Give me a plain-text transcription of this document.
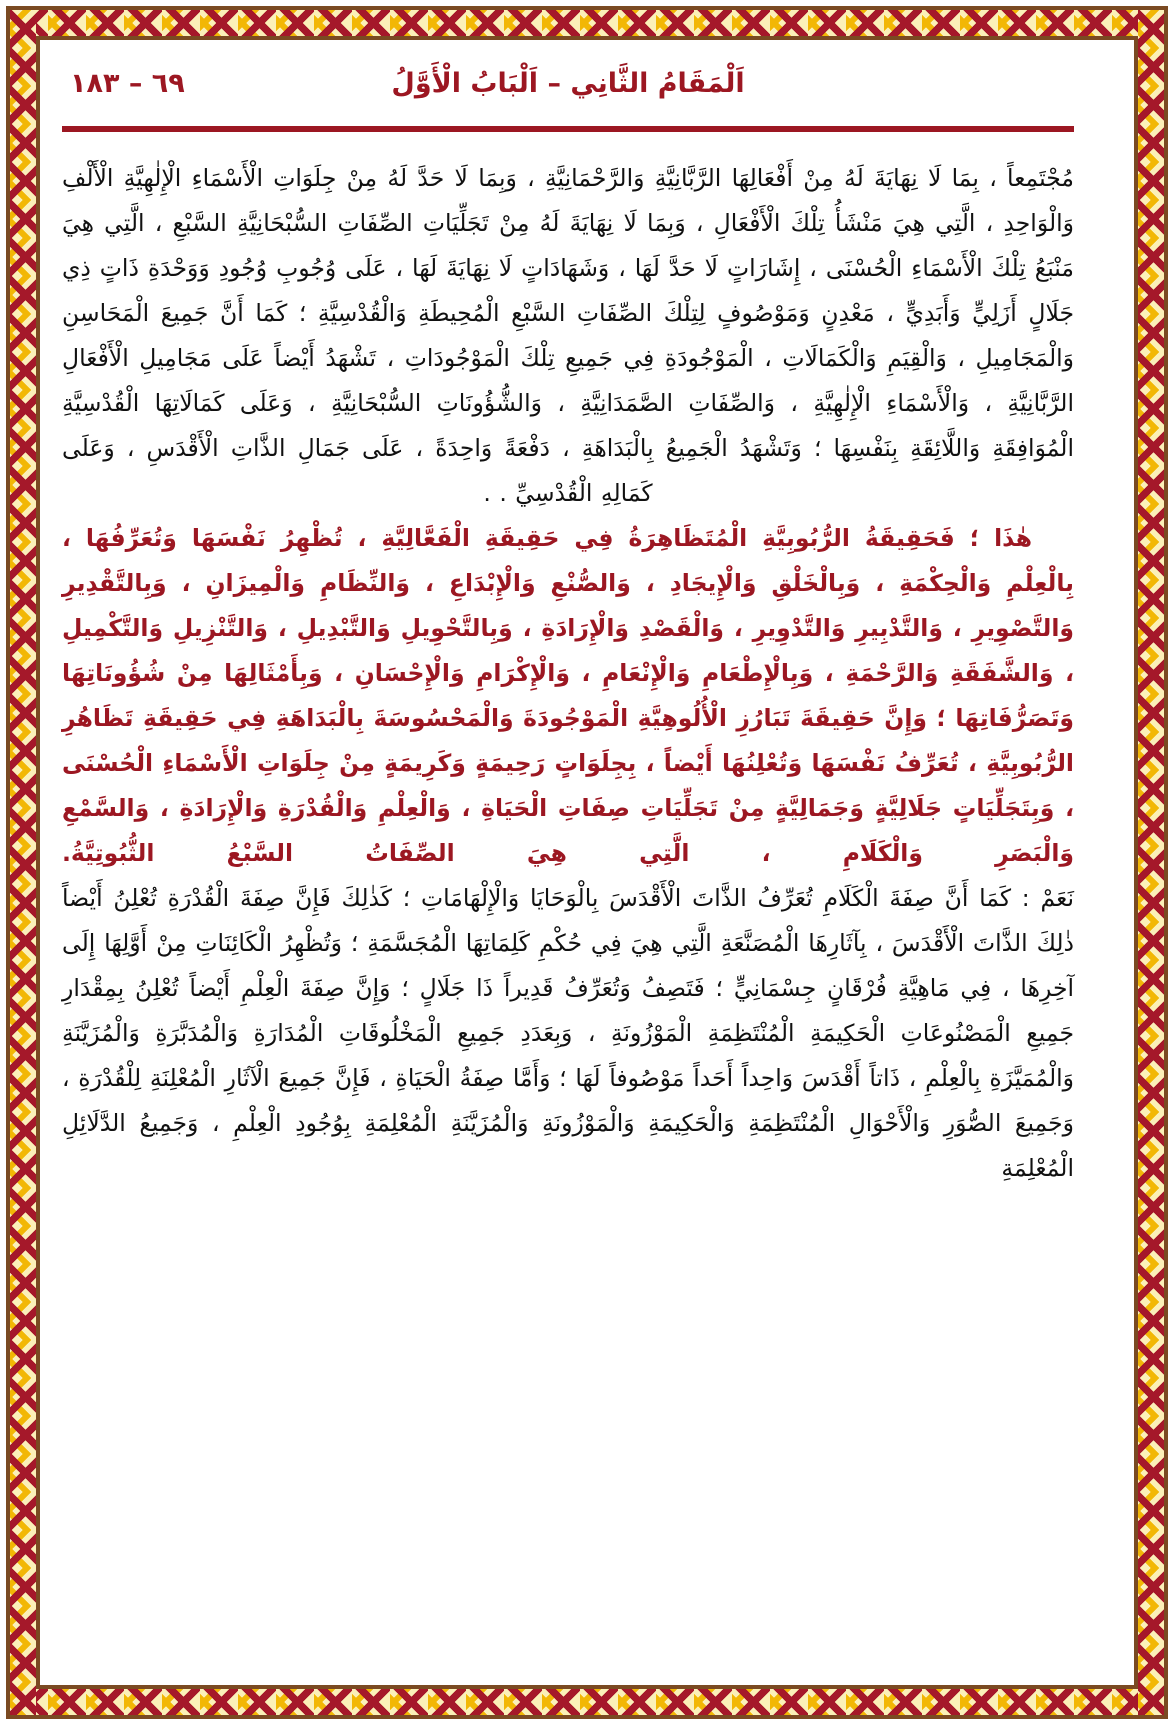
٦٩ – ١٨٣	اَلْمَقَامُ الثَّانِي – اَلْبَابُ الْأَوَّلُ

مُجْتَمِعاً ، بِمَا لَا نِهَايَةَ لَهُ مِنْ أَفْعَالِهَا الرَّبَّانِيَّةِ وَالرَّحْمَانِيَّةِ ، وَبِمَا لَا حَدَّ لَهُ مِنْ جِلَوَاتِ الْأَسْمَاءِ الْإِلٰهِيَّةِ الْأَلْفِ وَالْوَاحِدِ ، الَّتِي هِيَ مَنْشَأُ تِلْكَ الْأَفْعَالِ ، وَبِمَا لَا نِهَايَةَ لَهُ مِنْ تَجَلِّيَاتِ الصِّفَاتِ السُّبْحَانِيَّةِ السَّبْعِ ، الَّتِي هِيَ مَنْبَعُ تِلْكَ الْأَسْمَاءِ الْحُسْنَى ، إِشَارَاتٍ لَا حَدَّ لَهَا ، وَشَهَادَاتٍ لَا نِهَايَةَ لَهَا ، عَلَى وُجُوبِ وُجُودِ وَوَحْدَةِ ذَاتٍ ذِي جَلَالٍ أَزَلِيٍّ وَأَبَدِيٍّ ، مَعْدِنٍ وَمَوْصُوفٍ لِتِلْكَ الصِّفَاتِ السَّبْعِ الْمُحِيطَةِ وَالْقُدْسِيَّةِ ؛ كَمَا أَنَّ جَمِيعَ الْمَحَاسِنِ وَالْمَجَامِيلِ ، وَالْقِيَمِ وَالْكَمَالَاتِ ، الْمَوْجُودَةِ فِي جَمِيعِ تِلْكَ الْمَوْجُودَاتِ ، تَشْهَدُ أَيْضاً عَلَى مَجَامِيلِ الْأَفْعَالِ الرَّبَّانِيَّةِ ، وَالْأَسْمَاءِ الْإِلٰهِيَّةِ ، وَالصِّفَاتِ الصَّمَدَانِيَّةِ ، وَالشُّؤُونَاتِ السُّبْحَانِيَّةِ ، وَعَلَى كَمَالَاتِهَا الْقُدْسِيَّةِ الْمُوَافِقَةِ وَاللَّائِقَةِ بِنَفْسِهَا ؛ وَتَشْهَدُ الْجَمِيعُ بِالْبَدَاهَةِ ، دَفْعَةً وَاحِدَةً ، عَلَى جَمَالِ الذَّاتِ الْأَقْدَسِ ، وَعَلَى كَمَالِهِ الْقُدْسِيِّ . .

هٰذَا ؛ فَحَقِيقَةُ الرُّبُوبِيَّةِ الْمُتَظَاهِرَةُ فِي حَقِيقَةِ الْفَعَّالِيَّةِ ، تُظْهِرُ نَفْسَهَا وَتُعَرِّفُهَا ، بِالْعِلْمِ وَالْحِكْمَةِ ، وَبِالْخَلْقِ وَالْإِيجَادِ ، وَالصُّنْعِ وَالْإِبْدَاعِ ، وَالنِّظَامِ وَالْمِيزَانِ ، وَبِالتَّقْدِيرِ وَالتَّصْوِيرِ ، وَالتَّدْبِيرِ وَالتَّدْوِيرِ ، وَالْقَصْدِ وَالْإِرَادَةِ ، وَبِالتَّحْوِيلِ وَالتَّبْدِيلِ ، وَالتَّنْزِيلِ وَالتَّكْمِيلِ ، وَالشَّفَقَةِ وَالرَّحْمَةِ ، وَبِالْإِطْعَامِ وَالْإِنْعَامِ ، وَالْإِكْرَامِ وَالْإِحْسَانِ ، وَبِأَمْثَالِهَا مِنْ شُؤُونَاتِهَا وَتَصَرُّفَاتِهَا ؛ وَإِنَّ حَقِيقَةَ تَبَارُزِ الْأُلُوهِيَّةِ الْمَوْجُودَةَ وَالْمَحْسُوسَةَ بِالْبَدَاهَةِ فِي حَقِيقَةِ تَظَاهُرِ الرُّبُوبِيَّةِ ، تُعَرِّفُ نَفْسَهَا وَتُعْلِنُهَا أَيْضاً ، بِجِلَوَاتٍ رَحِيمَةٍ وَكَرِيمَةٍ مِنْ جِلَوَاتِ الْأَسْمَاءِ الْحُسْنَى ، وَبِتَجَلِّيَاتٍ جَلَالِيَّةٍ وَجَمَالِيَّةٍ مِنْ تَجَلِّيَاتِ صِفَاتِ الْحَيَاةِ ، وَالْعِلْمِ وَالْقُدْرَةِ وَالْإِرَادَةِ ، وَالسَّمْعِ وَالْبَصَرِ وَالْكَلَامِ ، الَّتِي هِيَ الصِّفَاتُ السَّبْعُ الثُّبُوتِيَّةُ.

نَعَمْ : كَمَا أَنَّ صِفَةَ الْكَلَامِ تُعَرِّفُ الذَّاتَ الْأَقْدَسَ بِالْوَحَايَا وَالْإِلْهَامَاتِ ؛ كَذٰلِكَ فَإِنَّ صِفَةَ الْقُدْرَةِ تُعْلِنُ أَيْضاً ذٰلِكَ الذَّاتَ الْأَقْدَسَ ، بِآثَارِهَا الْمُصَنَّعَةِ الَّتِي هِيَ فِي حُكْمِ كَلِمَاتِهَا الْمُجَسَّمَةِ ؛ وَتُظْهِرُ الْكَائِنَاتِ مِنْ أَوَّلِهَا إِلَى آخِرِهَا ، فِي مَاهِيَّةِ فُرْقَانٍ جِسْمَانِيٍّ ؛ فَتَصِفُ وَتُعَرِّفُ قَدِيراً ذَا جَلَالٍ ؛ وَإِنَّ صِفَةَ الْعِلْمِ أَيْضاً تُعْلِنُ بِمِقْدَارِ جَمِيعِ الْمَصْنُوعَاتِ الْحَكِيمَةِ الْمُنْتَظِمَةِ الْمَوْزُونَةِ ، وَبِعَدَدِ جَمِيعِ الْمَخْلُوقَاتِ الْمُدَارَةِ وَالْمُدَبَّرَةِ وَالْمُزَيَّنَةِ وَالْمُمَيَّزَةِ بِالْعِلْمِ ، ذَاتاً أَقْدَسَ وَاحِداً أَحَداً مَوْصُوفاً لَهَا ؛ وَأَمَّا صِفَةُ الْحَيَاةِ ، فَإِنَّ جَمِيعَ الْآثَارِ الْمُعْلِنَةِ لِلْقُدْرَةِ ، وَجَمِيعَ الصُّوَرِ وَالْأَحْوَالِ الْمُنْتَظِمَةِ وَالْحَكِيمَةِ وَالْمَوْزُونَةِ وَالْمُزَيَّنَةِ الْمُعْلِمَةِ بِوُجُودِ الْعِلْمِ ، وَجَمِيعُ الدَّلَائِلِ الْمُعْلِمَةِ
